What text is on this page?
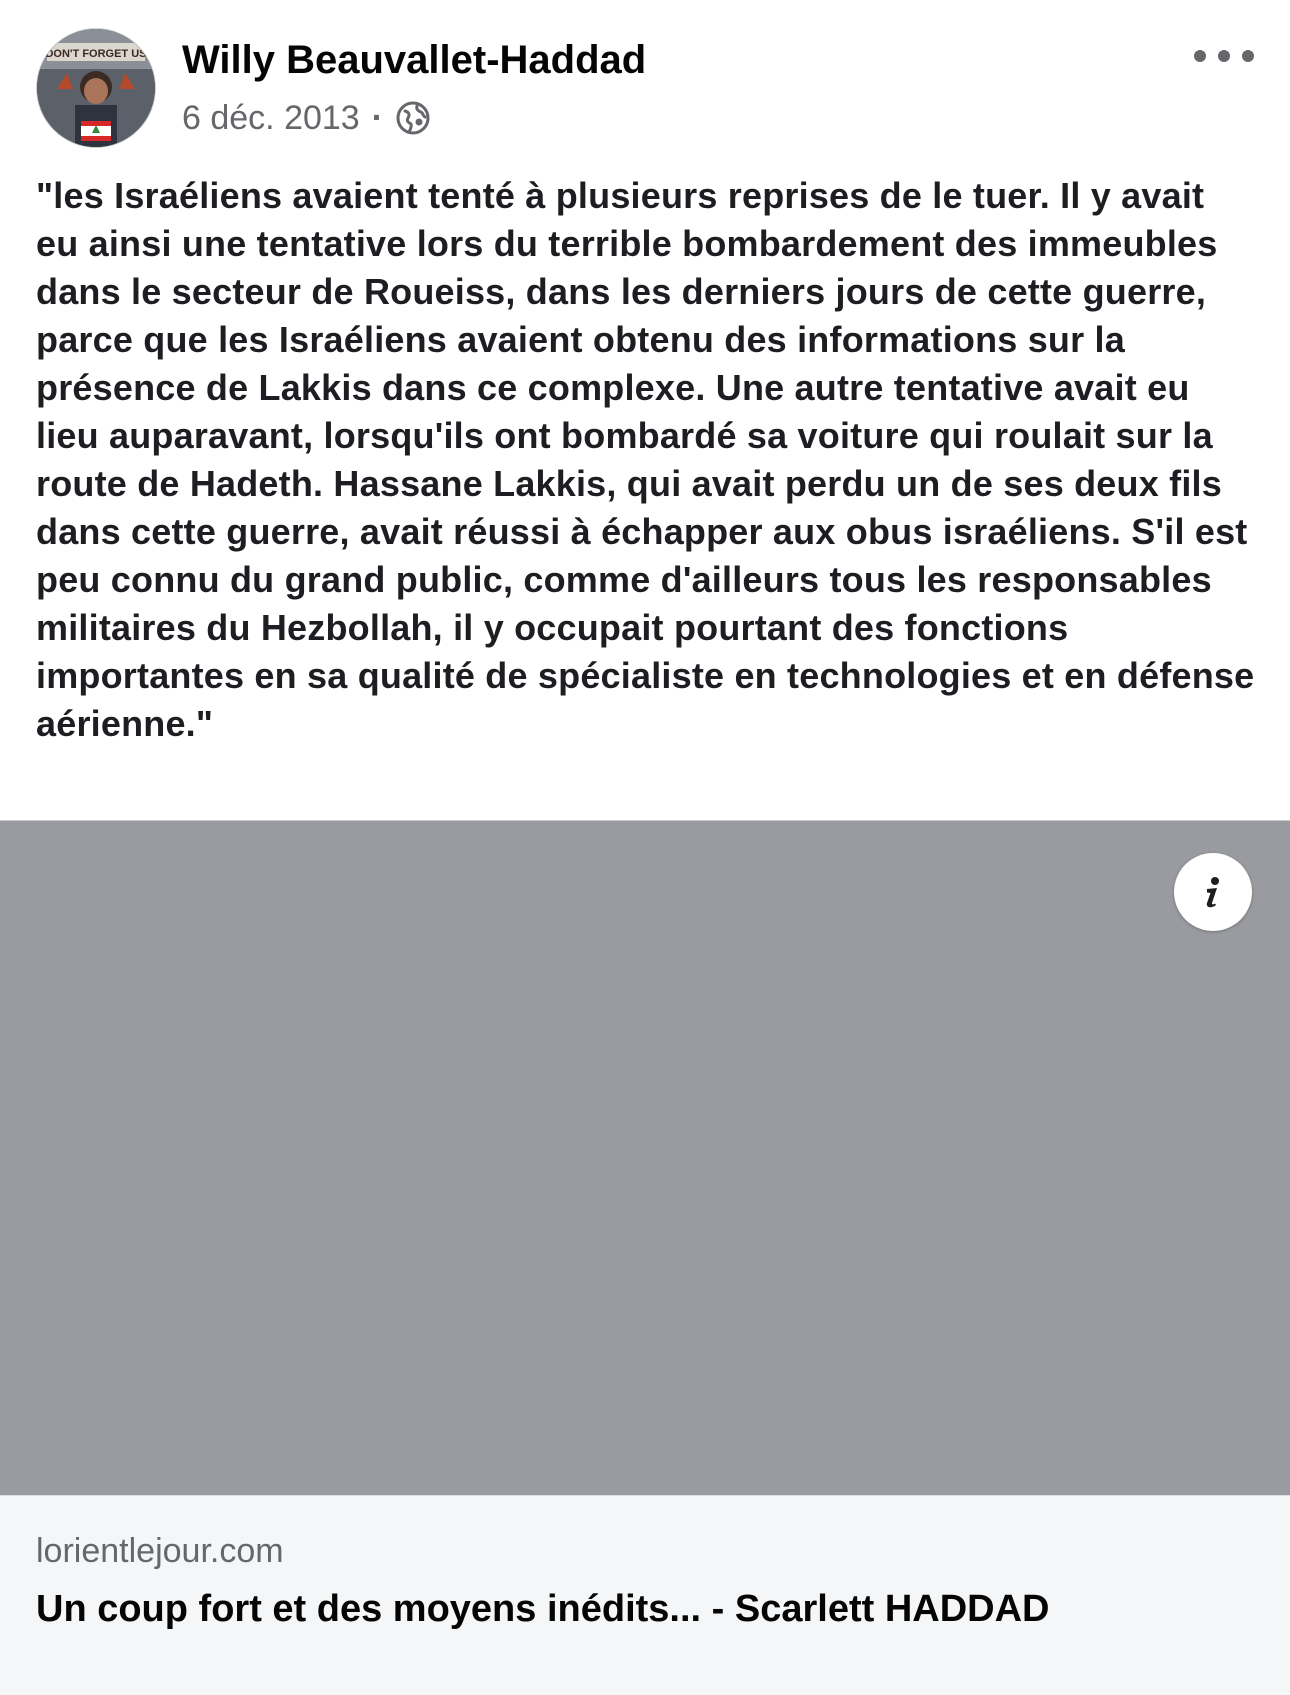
DON'T FORGET US Willy Beauvallet-Haddad
6 déc. 2013 ·

"les Israéliens avaient tenté à plusieurs reprises de le tuer. Il y avait eu ainsi une tentative lors du terrible bombardement des immeubles dans le secteur de Roueiss, dans les derniers jours de cette guerre, parce que les Israéliens avaient obtenu des informations sur la présence de Lakkis dans ce complexe. Une autre tentative avait eu lieu auparavant, lorsqu'ils ont bombardé sa voiture qui roulait sur la route de Hadeth. Hassane Lakkis, qui avait perdu un de ses deux fils dans cette guerre, avait réussi à échapper aux obus israéliens. S'il est peu connu du grand public, comme d'ailleurs tous les responsables militaires du Hezbollah, il y occupait pourtant des fonctions importantes en sa qualité de spécialiste en technologies et en défense aérienne."

lorientlejour.com
Un coup fort et des moyens inédits... - Scarlett HADDAD
